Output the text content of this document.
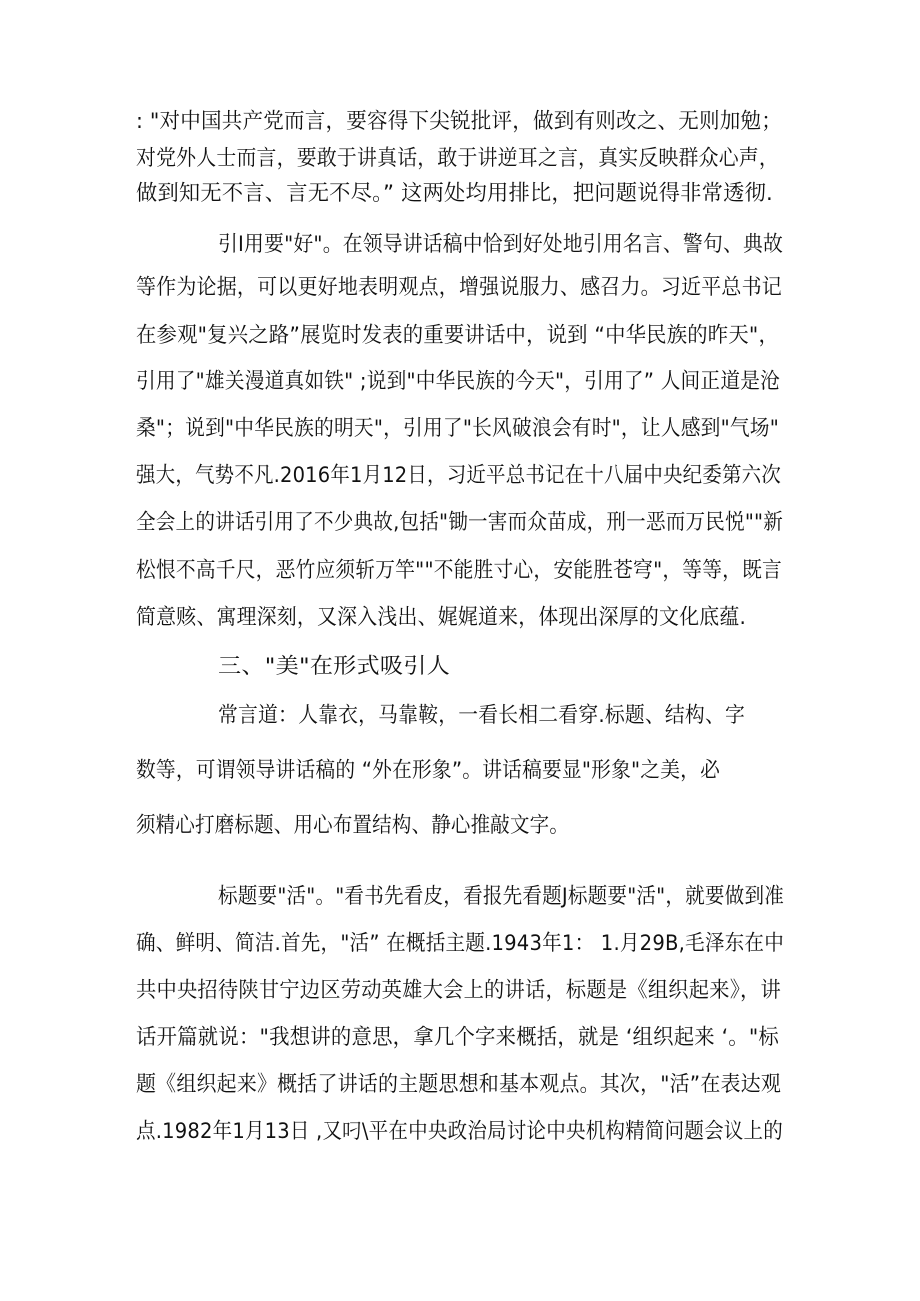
: "对中国共产党而言，要容得下尖锐批评，做到有则改之、无则加勉；
对党外人士而言，要敢于讲真话，敢于讲逆耳之言，真实反映群众心声，
做到知无不言、言无不尽。” 这两处均用排比，把问题说得非常透彻.
引I用要"好"。在领导讲话稿中恰到好处地引用名言、警句、典故
等作为论据，可以更好地表明观点，增强说服力、感召力。习近平总书记
在参观"复兴之路”展览时发表的重要讲话中，说到 “中华民族的昨天"，
引用了"雄关漫道真如铁" ;说到"中华民族的今天"，引用了” 人间正道是沧
桑"；说到"中华民族的明天"，引用了"长风破浪会有时"，让人感到"气场"
强大，气势不凡.2016年1月12日，习近平总书记在十八届中央纪委第六次
全会上的讲话引用了不少典故,包括"锄一害而众苗成，刑一恶而万民悦""新
松恨不高千尺，恶竹应须斩万竿""不能胜寸心，安能胜苍穹"，等等，既言
简意赅、寓理深刻，又深入浅出、娓娓道来，体现出深厚的文化底蕴.
三、"美"在形式吸引人
常言道：人靠衣，马靠鞍，一看长相二看穿.标题、结构、字
数等，可谓领导讲话稿的 “外在形象”。讲话稿要显"形象"之美，必
须精心打磨标题、用心布置结构、静心推敲文字。
标题要"活"。"看书先看皮，看报先看题J标题要"活"，就要做到准
确、鲜明、简洁.首先，"活” 在概括主题.1943年1： 1.月29B,毛泽东在中
共中央招待陕甘宁边区劳动英雄大会上的讲话，标题是《组织起来》，讲
话开篇就说："我想讲的意思，拿几个字来概括，就是 ‘组织起来 ‘。"标
题《组织起来》概括了讲话的主题思想和基本观点。其次，"活”在表达观
点.1982年1月13日 ,又叼\平在中央政治局讨论中央机构精简问题会议上的
